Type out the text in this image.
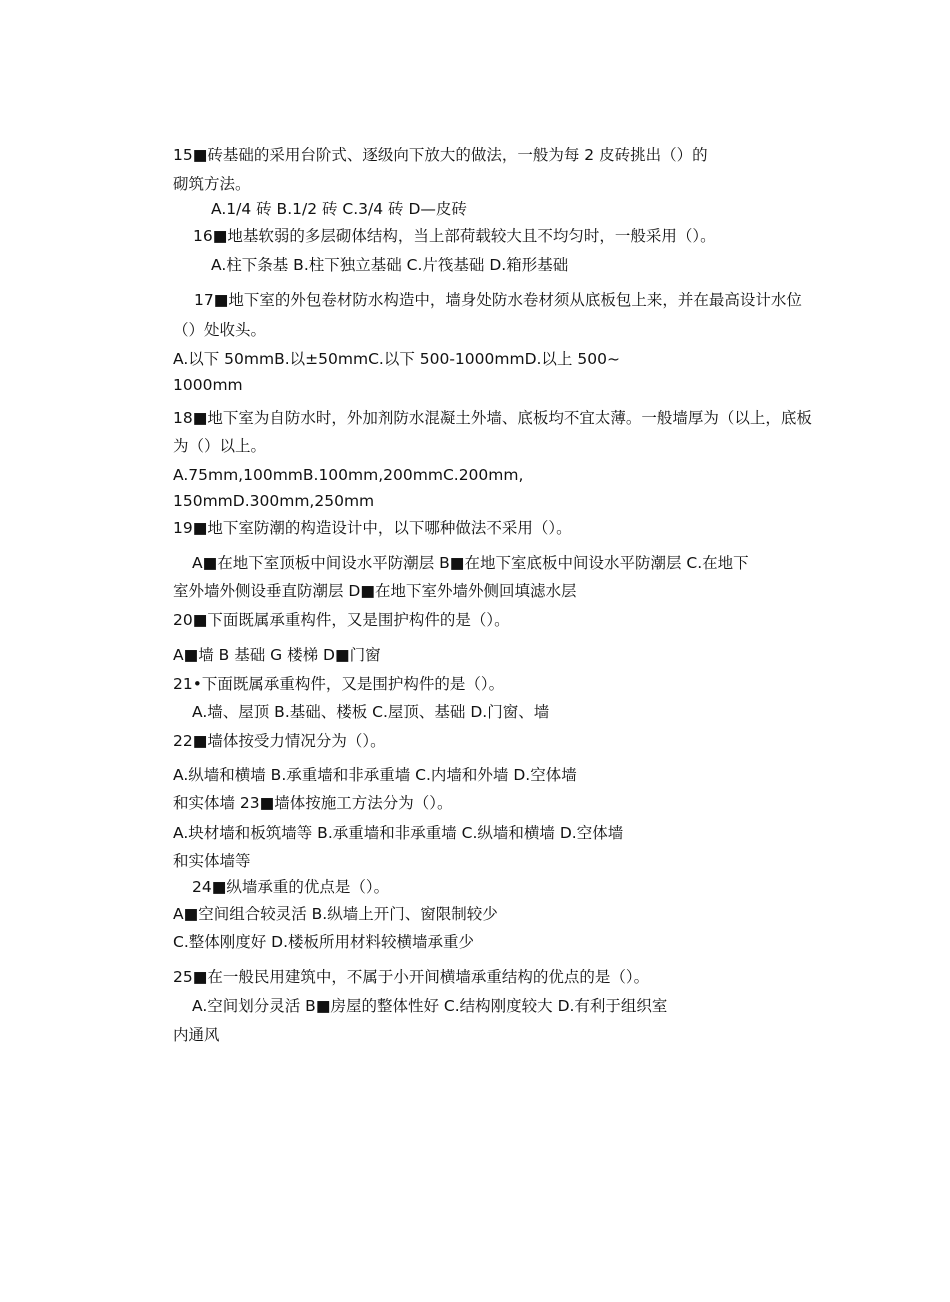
15■砖基础的采用台阶式、逐级向下放大的做法，一般为每 2 皮砖挑出（）的
砌筑方法。
A.1/4 砖 B.1/2 砖 C.3/4 砖 D—皮砖
16■地基软弱的多层砌体结构，当上部荷载较大且不均匀时，一般采用（）。
A.柱下条基 B.柱下独立基础 C.片筏基础 D.箱形基础
17■地下室的外包卷材防水构造中，墙身处防水卷材须从底板包上来，并在最高设计水位
（）处收头。
A.以下 50mmB.以±50mmC.以下 500-1000mmD.以上 500~
1000mm
18■地下室为自防水时，外加剂防水混凝土外墙、底板均不宜太薄。一般墙厚为（以上，底板
为（）以上。
A.75mm,100mmB.100mm,200mmC.200mm,
150mmD.300mm,250mm
19■地下室防潮的构造设计中，以下哪种做法不采用（）。
A■在地下室顶板中间设水平防潮层 B■在地下室底板中间设水平防潮层 C.在地下
室外墙外侧设垂直防潮层 D■在地下室外墙外侧回填滤水层
20■下面既属承重构件，又是围护构件的是（）。
A■墙 B 基础 G 楼梯 D■门窗
21•下面既属承重构件，又是围护构件的是（）。
A.墙、屋顶 B.基础、楼板 C.屋顶、基础 D.门窗、墙
22■墙体按受力情况分为（）。
A.纵墙和横墙 B.承重墙和非承重墙 C.内墙和外墙 D.空体墙
和实体墙 23■墙体按施工方法分为（）。
A.块材墙和板筑墙等 B.承重墙和非承重墙 C.纵墙和横墙 D.空体墙
和实体墙等
24■纵墙承重的优点是（）。
A■空间组合较灵活 B.纵墙上开门、窗限制较少
C.整体刚度好 D.楼板所用材料较横墙承重少
25■在一般民用建筑中，不属于小开间横墙承重结构的优点的是（）。
A.空间划分灵活 B■房屋的整体性好 C.结构刚度较大 D.有利于组织室
内通风
